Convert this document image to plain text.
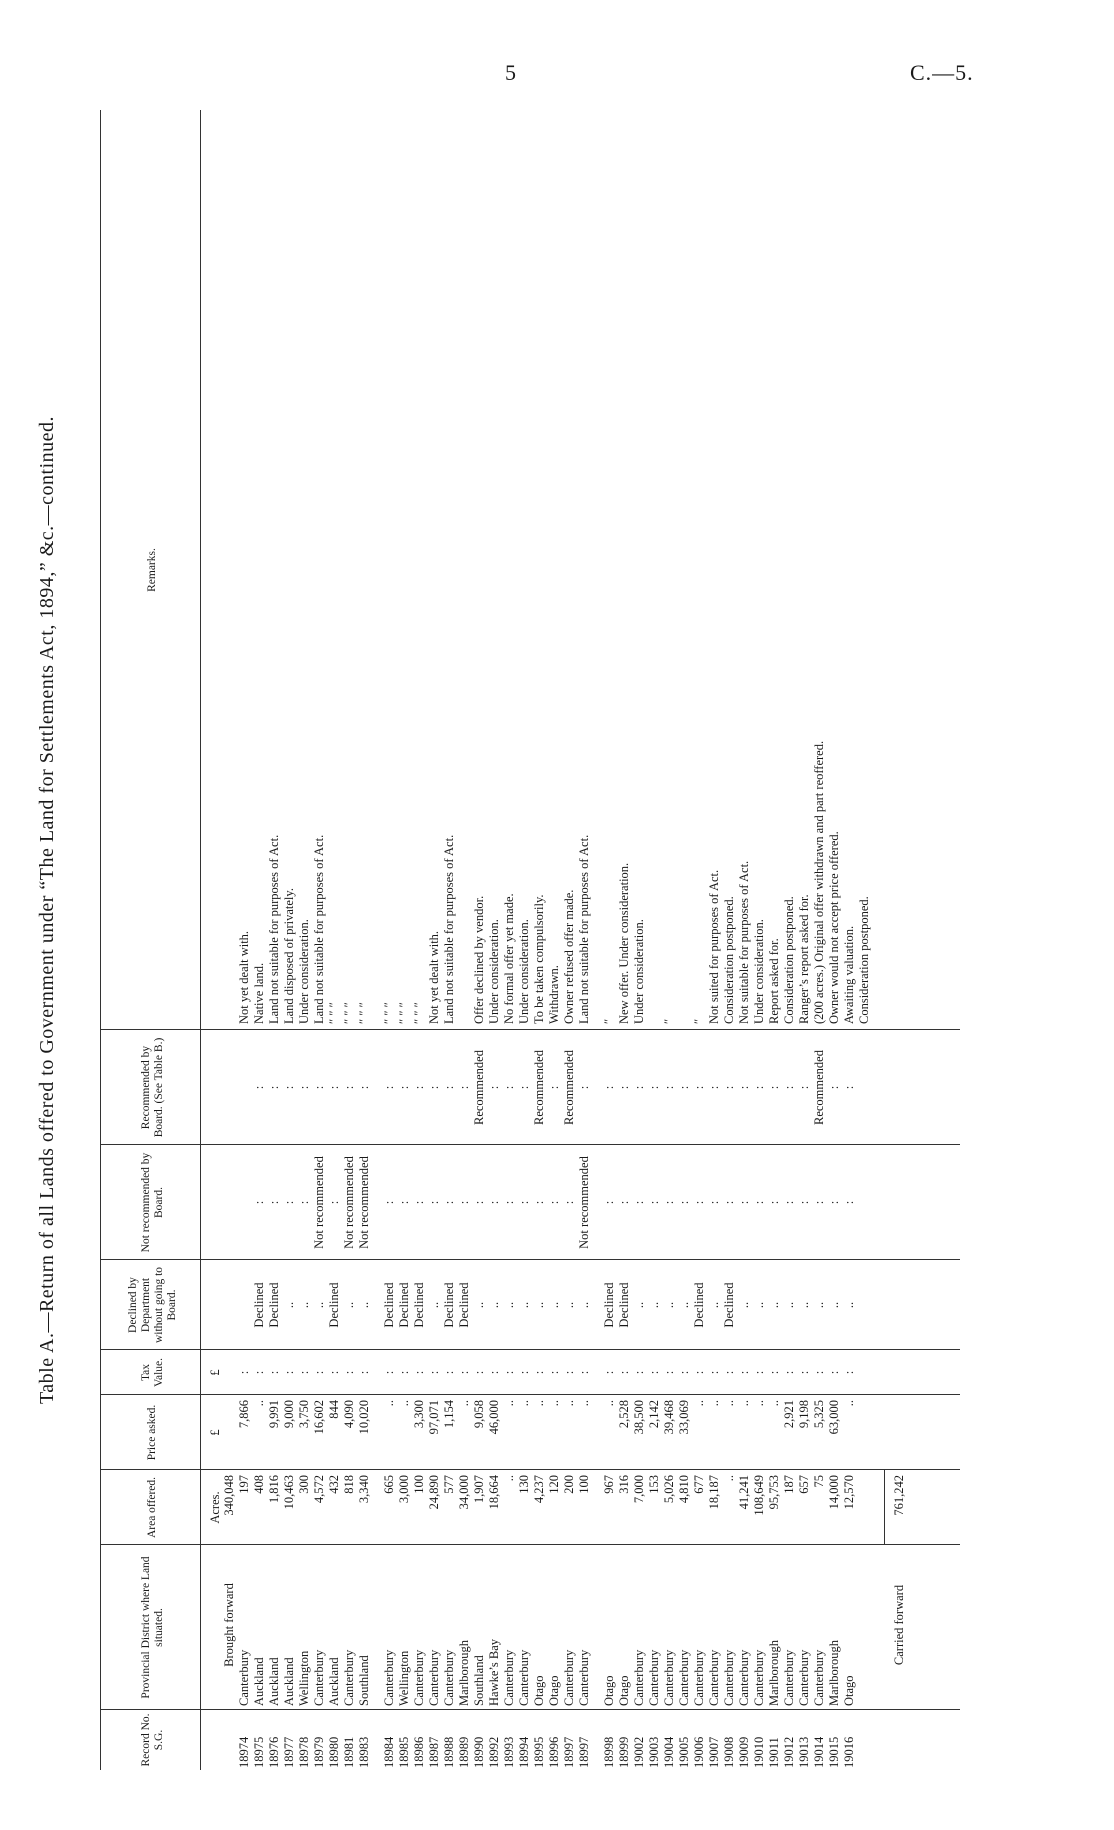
5	C.—5.
Table A.—Return of all Lands offered to Government under “The Land for Settlements Act, 1894,” &c.—continued.
Record No. S.G.
Provincial District where Land situated.
Area offered.
Price asked.
Tax Value.
Declined by Department without going to Board.
Not recommended by Board.
Recommended by Board. (See Table B.)
Remarks.
Acres.
£
£
Brought forward
340,048
18974
Canterbury
197
7,866
:
Not yet dealt with.
18975
Auckland
408
..
:
Declined
:
:
Native land.
18976
Auckland
1,816
9,991
:
Declined
:
:
Land not suitable for purposes of Act.
18977
Auckland
10,463
9,000
:
..
:
:
Land disposed of privately.
18978
Wellington
300
3,750
:
..
:
:
Under consideration.
18979
Canterbury
4,572
16,602
:
..
Not recommended
:
Land not suitable for purposes of Act.
18980
Auckland
432
844
:
Declined
:
:
″ ″ ″
18981
Canterbury
818
4,090
:
..
Not recommended
:
″ ″ ″
18983
Southland
3,340
10,020
:
..
Not recommended
:
″ ″ ″
18984
Canterbury
665
..
:
Declined
:
:
″ ″ ″
18985
Wellington
3,000
..
:
Declined
:
:
″ ″ ″
18986
Canterbury
100
3,300
:
Declined
:
:
″ ″ ″
18987
Canterbury
24,890
97,071
:
..
:
:
Not yet dealt with.
18988
Canterbury
577
1,154
:
Declined
:
:
Land not suitable for purposes of Act.
18989
Marlborough
34,000
..
:
Declined
:
:
18990
Southland
1,907
9,058
:
..
:
Recommended
Offer declined by vendor.
18992
Hawke’s Bay
18,664
46,000
:
..
:
:
Under consideration.
18993
Canterbury
..
..
:
..
:
:
No formal offer yet made.
18994
Canterbury
130
..
:
..
:
:
Under consideration.
18995
Otago
4,237
..
:
..
:
Recommended
To be taken compulsorily.
18996
Otago
120
..
:
..
:
:
Withdrawn.
18997
Canterbury
200
..
:
..
:
Recommended
Owner refused offer made.
18997
Canterbury
100
..
:
..
Not recommended
:
Land not suitable for purposes of Act.
18998
Otago
967
..
:
Declined
:
:
″
18999
Otago
316
2,528
:
Declined
:
:
New offer. Under consideration.
19002
Canterbury
7,000
38,500
:
..
:
:
Under consideration.
19003
Canterbury
153
2,142
:
..
:
:
19004
Canterbury
5,026
39,468
:
..
:
:
″
19005
Canterbury
4,810
33,069
:
..
:
:
19006
Canterbury
677
..
:
Declined
:
:
″
19007
Canterbury
18,187
..
:
..
:
:
Not suited for purposes of Act.
19008
Canterbury
..
..
:
Declined
:
:
Consideration postponed.
19009
Canterbury
41,241
..
:
..
:
:
Not suitable for purposes of Act.
19010
Canterbury
108,649
..
:
..
:
:
Under consideration.
19011
Marlborough
95,753
..
:
..
:
:
Report asked for.
19012
Canterbury
187
2,921
:
..
:
:
Consideration postponed.
19013
Canterbury
657
9,198
:
..
:
:
Ranger’s report asked for.
19014
Canterbury
75
5,325
:
..
:
Recommended
(200 acres.) Original offer withdrawn and part reoffered.
19015
Marlborough
14,000
63,000
:
..
:
:
Owner would not accept price offered.
19016
Otago
12,570
..
:
..
:
:
Awaiting valuation. Consideration postponed.
Carried forward
761,242
